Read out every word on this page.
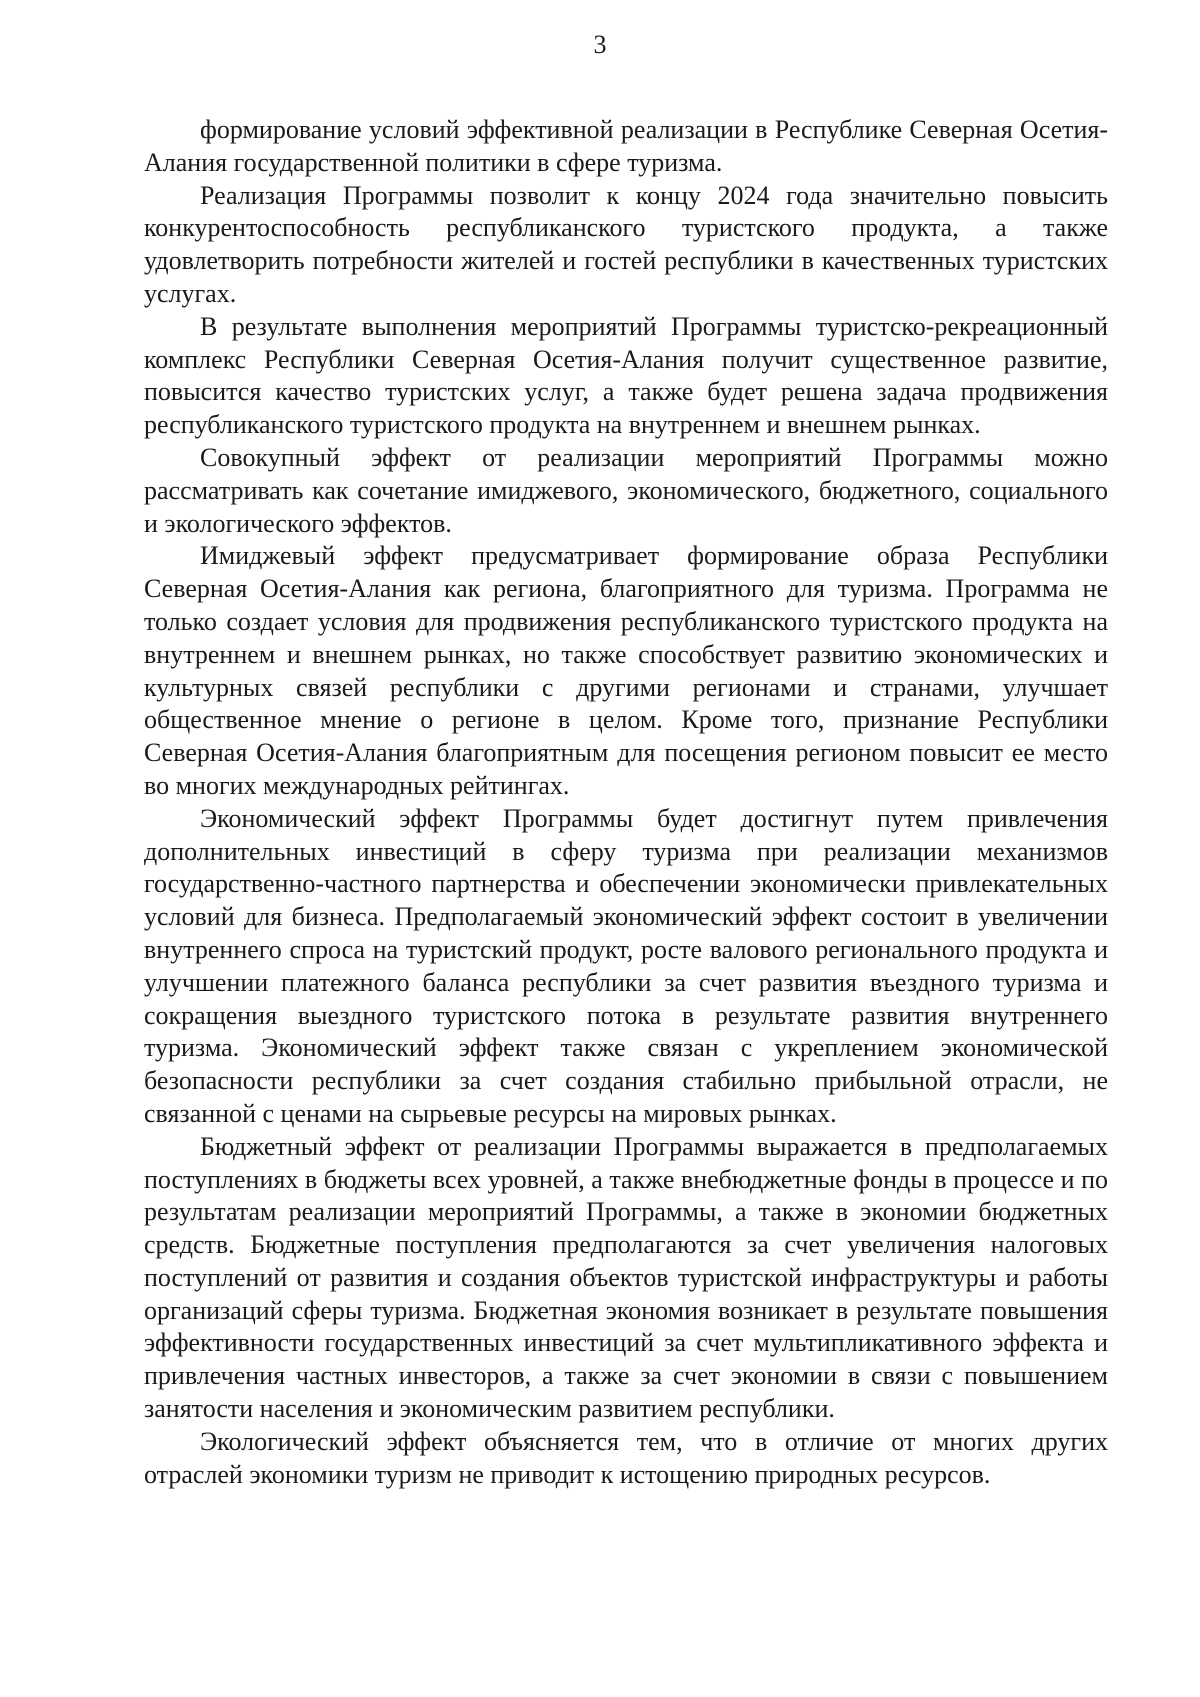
3

формирование условий эффективной реализации в Республике Северная Осетия-Алания государственной политики в сфере туризма.

Реализация Программы позволит к концу 2024 года значительно повысить конкурентоспособность республиканского туристского продукта, а также удовлетворить потребности жителей и гостей республики в качественных туристских услугах.

В результате выполнения мероприятий Программы туристско-рекреационный комплекс Республики Северная Осетия-Алания получит существенное развитие, повысится качество туристских услуг, а также будет решена задача продвижения республиканского туристского продукта на внутреннем и внешнем рынках.

Совокупный эффект от реализации мероприятий Программы можно рассматривать как сочетание имиджевого, экономического, бюджетного, социального и экологического эффектов.

Имиджевый эффект предусматривает формирование образа Республики Северная Осетия-Алания как региона, благоприятного для туризма. Программа не только создает условия для продвижения республиканского туристского продукта на внутреннем и внешнем рынках, но также способствует развитию экономических и культурных связей республики с другими регионами и странами, улучшает общественное мнение о регионе в целом. Кроме того, признание Республики Северная Осетия-Алания благоприятным для посещения регионом повысит ее место во многих международных рейтингах.

Экономический эффект Программы будет достигнут путем привлечения дополнительных инвестиций в сферу туризма при реализации механизмов государственно-частного партнерства и обеспечении экономически привлекательных условий для бизнеса. Предполагаемый экономический эффект состоит в увеличении внутреннего спроса на туристский продукт, росте валового регионального продукта и улучшении платежного баланса республики за счет развития въездного туризма и сокращения выездного туристского потока в результате развития внутреннего туризма. Экономический эффект также связан с укреплением экономической безопасности республики за счет создания стабильно прибыльной отрасли, не связанной с ценами на сырьевые ресурсы на мировых рынках.

Бюджетный эффект от реализации Программы выражается в предполагаемых поступлениях в бюджеты всех уровней, а также внебюджетные фонды в процессе и по результатам реализации мероприятий Программы, а также в экономии бюджетных средств. Бюджетные поступления предполагаются за счет увеличения налоговых поступлений от развития и создания объектов туристской инфраструктуры и работы организаций сферы туризма. Бюджетная экономия возникает в результате повышения эффективности государственных инвестиций за счет мультипликативного эффекта и привлечения частных инвесторов, а также за счет экономии в связи с повышением занятости населения и экономическим развитием республики.

Экологический эффект объясняется тем, что в отличие от многих других отраслей экономики туризм не приводит к истощению природных ресурсов.
